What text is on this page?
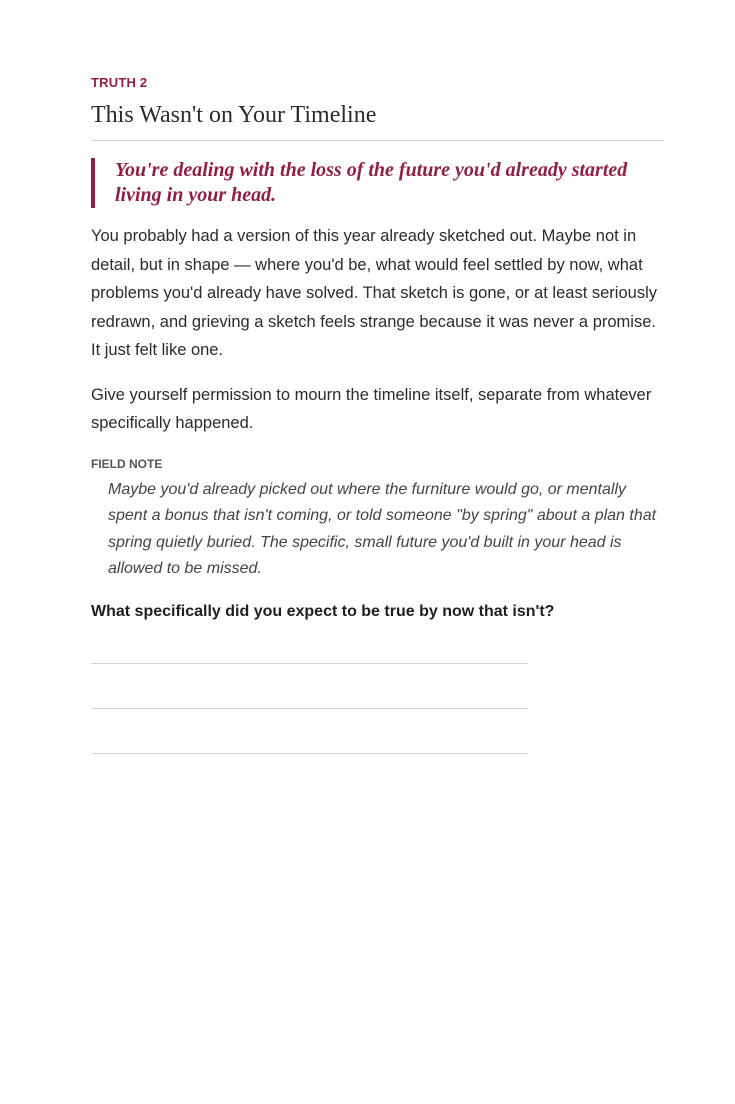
TRUTH 2
This Wasn't on Your Timeline
You're dealing with the loss of the future you'd already started living in your head.
You probably had a version of this year already sketched out. Maybe not in detail, but in shape — where you'd be, what would feel settled by now, what problems you'd already have solved. That sketch is gone, or at least seriously redrawn, and grieving a sketch feels strange because it was never a promise. It just felt like one.
Give yourself permission to mourn the timeline itself, separate from whatever specifically happened.
FIELD NOTE
Maybe you'd already picked out where the furniture would go, or mentally spent a bonus that isn't coming, or told someone "by spring" about a plan that spring quietly buried. The specific, small future you'd built in your head is allowed to be missed.
What specifically did you expect to be true by now that isn't?
